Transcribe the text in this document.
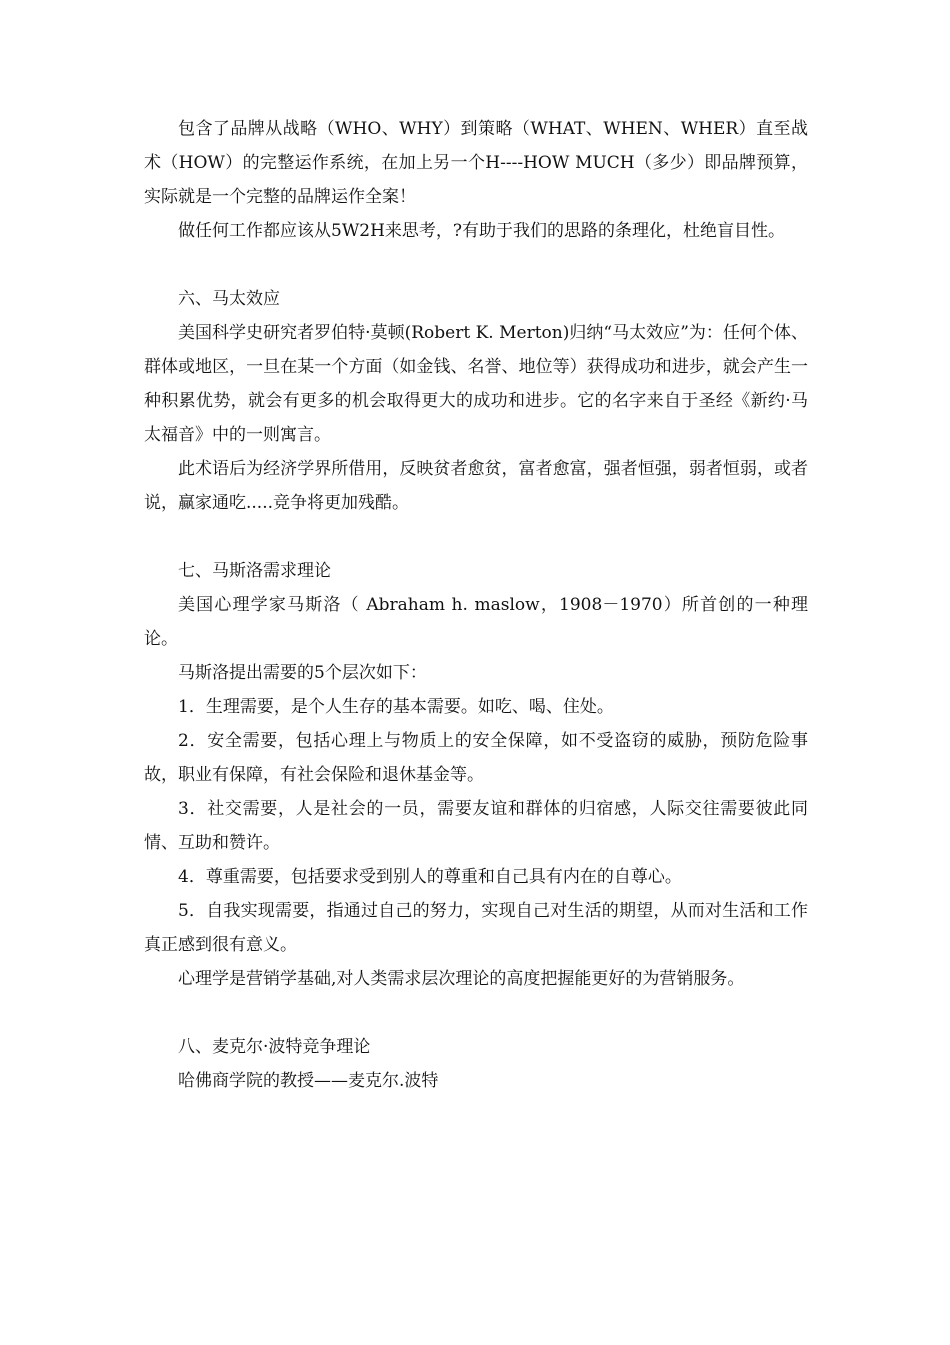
包含了品牌从战略（WHO、WHY）到策略（WHAT、WHEN、WHER）直至战术（HOW）的完整运作系统，在加上另一个H----HOW MUCH（多少）即品牌预算，实际就是一个完整的品牌运作全案！

做任何工作都应该从5W2H来思考，?有助于我们的思路的条理化，杜绝盲目性。

六、马太效应

美国科学史研究者罗伯特·莫顿(Robert K. Merton)归纳“马太效应”为：任何个体、群体或地区，一旦在某一个方面（如金钱、名誉、地位等）获得成功和进步，就会产生一种积累优势，就会有更多的机会取得更大的成功和进步。它的名字来自于圣经《新约·马太福音》中的一则寓言。

此术语后为经济学界所借用，反映贫者愈贫，富者愈富，强者恒强，弱者恒弱，或者说，赢家通吃.....竞争将更加残酷。

七、马斯洛需求理论

美国心理学家马斯洛（ Abraham h. maslow，1908－1970）所首创的一种理论。

马斯洛提出需要的5个层次如下：

1．生理需要，是个人生存的基本需要。如吃、喝、住处。

2．安全需要，包括心理上与物质上的安全保障，如不受盗窃的威胁，预防危险事故，职业有保障，有社会保险和退休基金等。

3．社交需要，人是社会的一员，需要友谊和群体的归宿感，人际交往需要彼此同情、互助和赞许。

4．尊重需要，包括要求受到别人的尊重和自己具有内在的自尊心。

5．自我实现需要，指通过自己的努力，实现自己对生活的期望，从而对生活和工作真正感到很有意义。

心理学是营销学基础,对人类需求层次理论的高度把握能更好的为营销服务。

八、麦克尔·波特竞争理论

哈佛商学院的教授——麦克尔.波特
